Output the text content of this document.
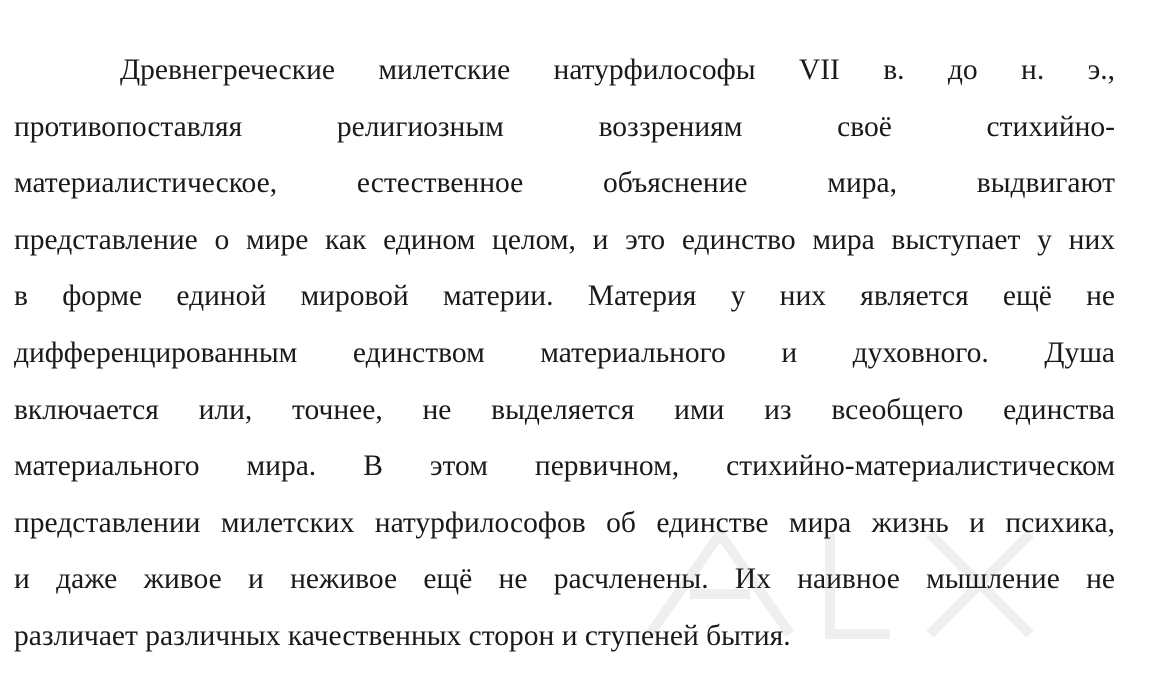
Древнегреческие милетские натурфилософы VII в. до н. э.,
противопоставляя религиозным воззрениям своё стихийно-
материалистическое, естественное объяснение мира, выдвигают
представление о мире как едином целом, и это единство мира выступает у них
в форме единой мировой материи. Материя у них является ещё не
дифференцированным единством материального и духовного. Душа
включается или, точнее, не выделяется ими из всеобщего единства
материального мира. В этом первичном, стихийно-материалистическом
представлении милетских натурфилософов об единстве мира жизнь и психика,
и даже живое и неживое ещё не расчленены. Их наивное мышление не
различает различных качественных сторон и ступеней бытия.
